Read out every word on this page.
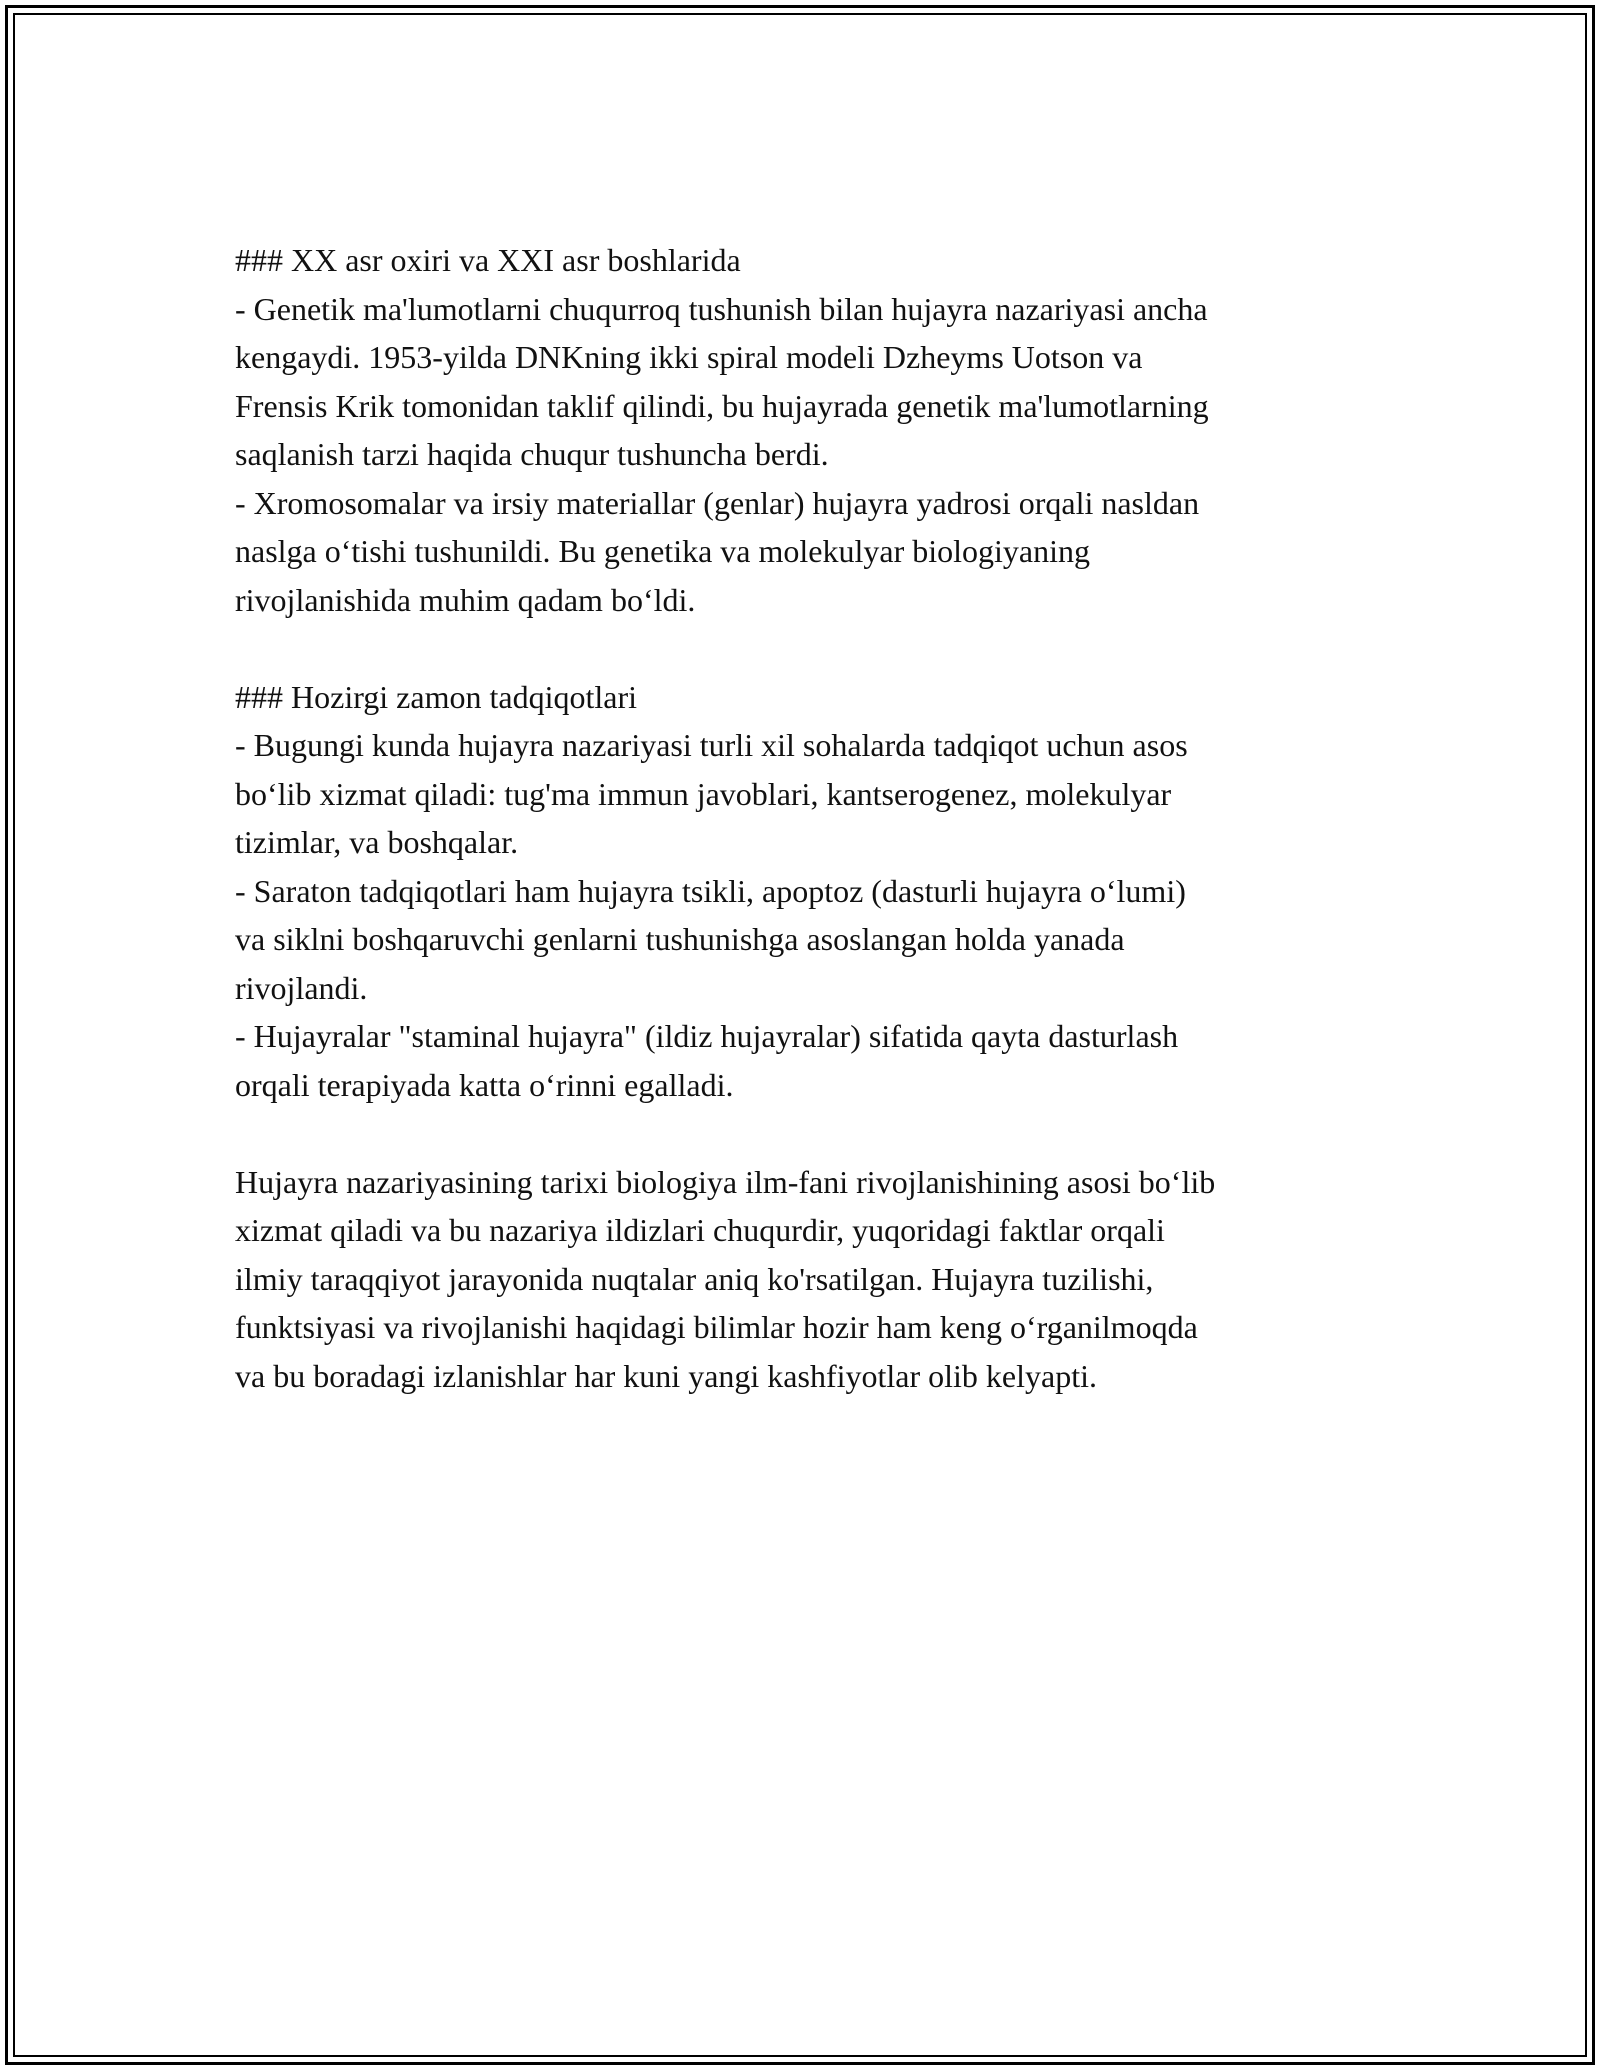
### XX asr oxiri va XXI asr boshlarida

- Genetik ma'lumotlarni chuqurroq tushunish bilan hujayra nazariyasi ancha

kengaydi. 1953-yilda DNKning ikki spiral modeli Dzheyms Uotson va

Frensis Krik tomonidan taklif qilindi, bu hujayrada genetik ma'lumotlarning

saqlanish tarzi haqida chuqur tushuncha berdi.

- Xromosomalar va irsiy materiallar (genlar) hujayra yadrosi orqali nasldan

naslga o‘tishi tushunildi. Bu genetika va molekulyar biologiyaning

rivojlanishida muhim qadam bo‘ldi.

### Hozirgi zamon tadqiqotlari

- Bugungi kunda hujayra nazariyasi turli xil sohalarda tadqiqot uchun asos

bo‘lib xizmat qiladi: tug'ma immun javoblari, kantserogenez, molekulyar

tizimlar, va boshqalar.

- Saraton tadqiqotlari ham hujayra tsikli, apoptoz (dasturli hujayra o‘lumi)

va siklni boshqaruvchi genlarni tushunishga asoslangan holda yanada

rivojlandi.

- Hujayralar "staminal hujayra" (ildiz hujayralar) sifatida qayta dasturlash

orqali terapiyada katta o‘rinni egalladi.

Hujayra nazariyasining tarixi biologiya ilm-fani rivojlanishining asosi bo‘lib

xizmat qiladi va bu nazariya ildizlari chuqurdir, yuqoridagi faktlar orqali

ilmiy taraqqiyot jarayonida nuqtalar aniq ko'rsatilgan. Hujayra tuzilishi,

funktsiyasi va rivojlanishi haqidagi bilimlar hozir ham keng o‘rganilmoqda

va bu boradagi izlanishlar har kuni yangi kashfiyotlar olib kelyapti.
